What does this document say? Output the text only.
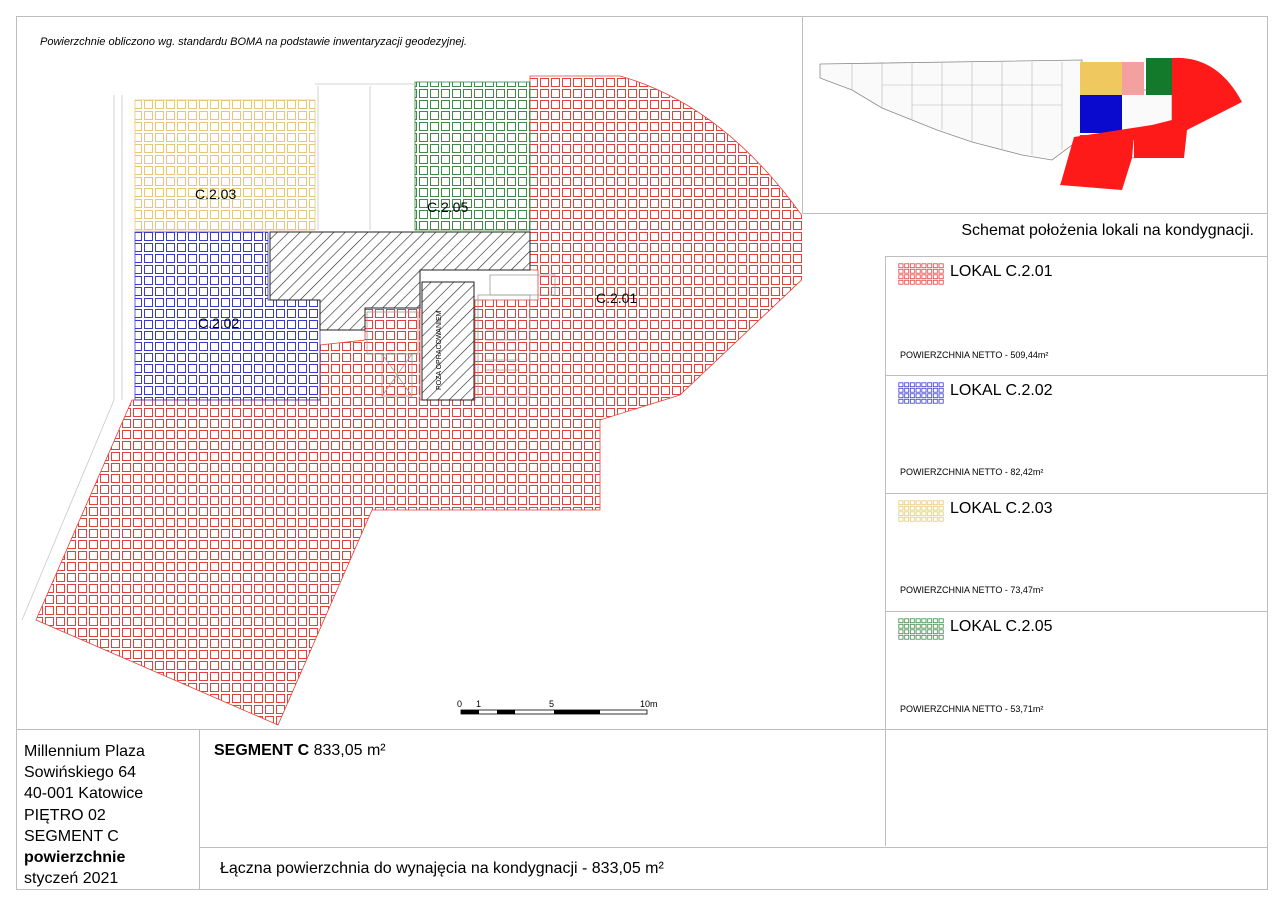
Powierzchnie obliczono wg. standardu BOMA na podstawie inwentaryzacji geodezyjnej.
POZA OPRACOWANIEM
C.2.03
C.2.05
C.2.01
C.2.02
0 1	5	10m
Schemat położenia lokali na kondygnacji.
LOKAL C.2.01
POWIERZCHNIA NETTO - 509,44m²
LOKAL C.2.02
POWIERZCHNIA NETTO - 82,42m²
LOKAL C.2.03
POWIERZCHNIA NETTO - 73,47m²
LOKAL C.2.05
POWIERZCHNIA NETTO - 53,71m²
Millennium Plaza
Sowińskiego 64
40-001 Katowice
PIĘTRO 02
SEGMENT C
powierzchnie
styczeń 2021
SEGMENT C 833,05 m²
Łączna powierzchnia do wynajęcia na kondygnacji - 833,05 m²
